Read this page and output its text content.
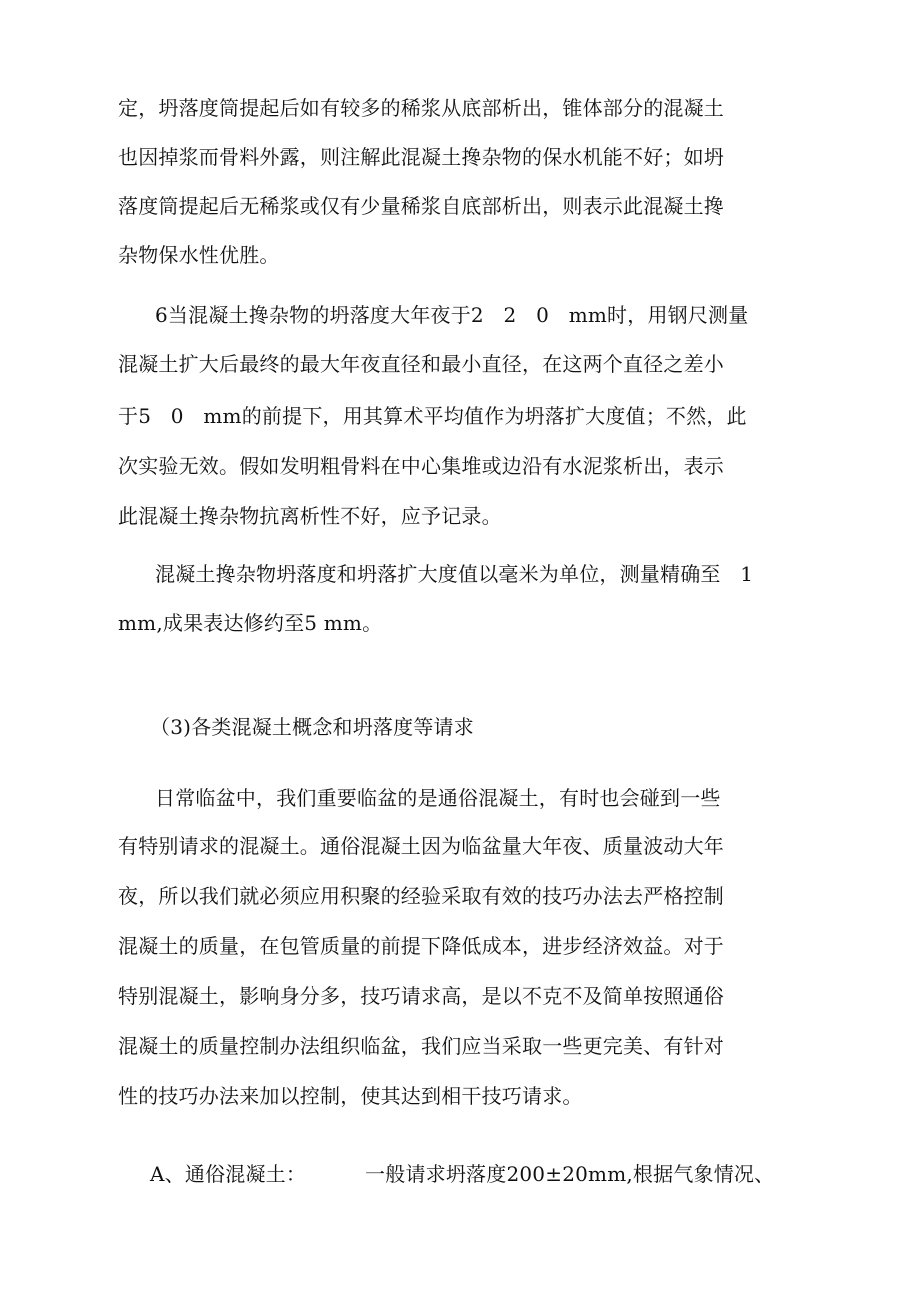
定，坍落度筒提起后如有较多的稀浆从底部析出，锥体部分的混凝土
也因掉浆而骨料外露，则注解此混凝土搀杂物的保水机能不好；如坍
落度筒提起后无稀浆或仅有少量稀浆自底部析出，则表示此混凝土搀
杂物保水性优胜。
6当混凝土搀杂物的坍落度大年夜于2   2   0   mm时，用钢尺测量
混凝土扩大后最终的最大年夜直径和最小直径，在这两个直径之差小
于5   0   mm的前提下，用其算术平均值作为坍落扩大度值；不然，此
次实验无效。假如发明粗骨料在中心集堆或边沿有水泥浆析出，表示
此混凝土搀杂物抗离析性不好，应予记录。
混凝土搀杂物坍落度和坍落扩大度值以毫米为单位，测量精确至   1
mm,成果表达修约至5 mm。
（3)各类混凝土概念和坍落度等请求
日常临盆中，我们重要临盆的是通俗混凝土，有时也会碰到一些
有特别请求的混凝土。通俗混凝土因为临盆量大年夜、质量波动大年
夜，所以我们就必须应用积聚的经验采取有效的技巧办法去严格控制
混凝土的质量，在包管质量的前提下降低成本，进步经济效益。对于
特别混凝土，影响身分多，技巧请求高，是以不克不及简单按照通俗
混凝土的质量控制办法组织临盆，我们应当采取一些更完美、有针对
性的技巧办法来加以控制，使其达到相干技巧请求。
A、通俗混凝土：         一般请求坍落度200±20mm,根据气象情况、
